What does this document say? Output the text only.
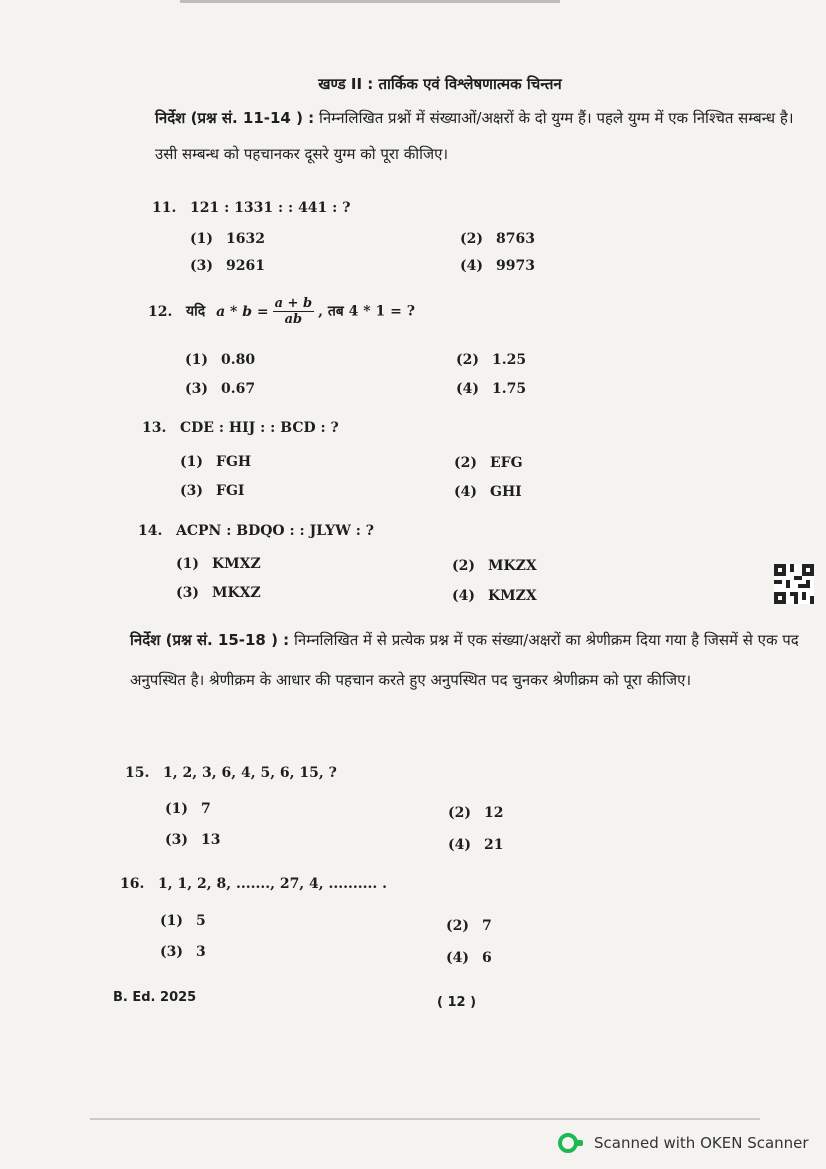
खण्ड II : तार्किक एवं विश्लेषणात्मक चिन्तन
निर्देश (प्रश्न सं. 11-14 ) : निम्नलिखित प्रश्नों में संख्याओं/अक्षरों के दो युग्म हैं। पहले युग्म में एक निश्चित सम्बन्ध है। उसी सम्बन्ध को पहचानकर दूसरे युग्म को पूरा कीजिए।
11. 121 : 1331 : : 441 : ?
(1) 1632	(2) 8763
(3) 9261	(4) 9973
12. यदि $a * b = \frac{a + b}{ab}$ , तब 4 * 1 = ?
(1) 0.80	(2) 1.25
(3) 0.67	(4) 1.75
13. CDE : HIJ : : BCD : ?
(1) FGH	(2) EFG
(3) FGI	(4) GHI
14. ACPN : BDQO : : JLYW : ?
(1) KMXZ	(2) MKZX
(3) MKXZ	(4) KMZX
निर्देश (प्रश्न सं. 15-18 ) : निम्नलिखित में से प्रत्येक प्रश्न में एक संख्या/अक्षरों का श्रेणीक्रम दिया गया है जिसमें से एक पद अनुपस्थित है। श्रेणीक्रम के आधार की पहचान करते हुए अनुपस्थित पद चुनकर श्रेणीक्रम को पूरा कीजिए।
15. 1, 2, 3, 6, 4, 5, 6, 15, ?
(1) 7	(2) 12
(3) 13	(4) 21
16. 1, 1, 2, 8, ......., 27, 4, .......... .
(1) 5	(2) 7
(3) 3	(4) 6
B. Ed. 2025	( 12 )
Scanned with OKEN Scanner
